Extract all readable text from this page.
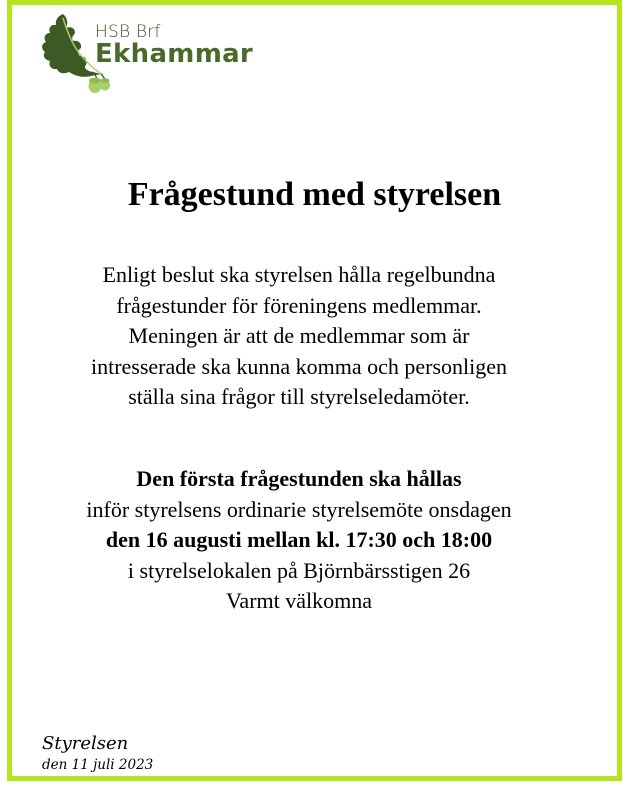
HSB Brf
Ekhammar
Frågestund med styrelsen
Enligt beslut ska styrelsen hålla regelbundna
frågestunder för föreningens medlemmar.
Meningen är att de medlemmar som är
intresserade ska kunna komma och personligen
ställa sina frågor till styrelseledamöter.
Den första frågestunden ska hållas
inför styrelsens ordinarie styrelsemöte onsdagen
den 16 augusti mellan kl. 17:30 och 18:00
i styrelselokalen på Björnbärsstigen 26
Varmt välkomna
Styrelsen
den 11 juli 2023
